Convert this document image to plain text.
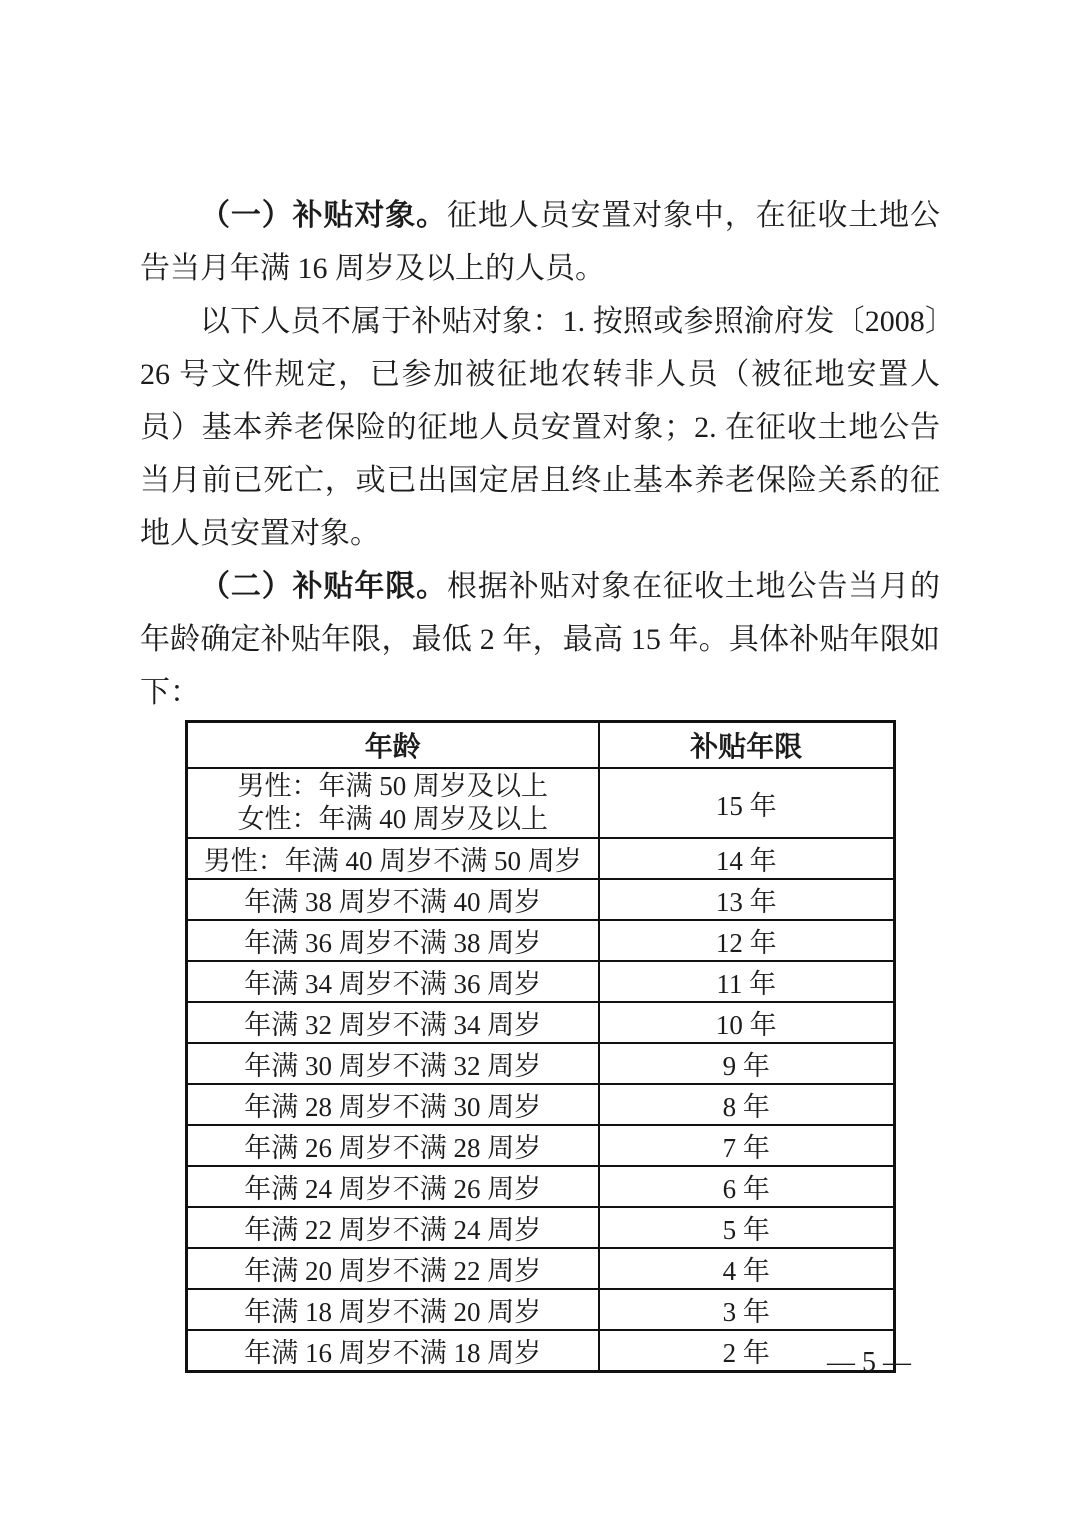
（一）补贴对象。征地人员安置对象中，在征收土地公告当月年满 16 周岁及以上的人员。

以下人员不属于补贴对象：1. 按照或参照渝府发〔2008〕26 号文件规定，已参加被征地农转非人员（被征地安置人员）基本养老保险的征地人员安置对象；2. 在征收土地公告当月前已死亡，或已出国定居且终止基本养老保险关系的征地人员安置对象。

（二）补贴年限。根据补贴对象在征收土地公告当月的年龄确定补贴年限，最低 2 年，最高 15 年。具体补贴年限如下：

年龄	补贴年限

男性：年满 50 周岁及以上
女性：年满 40 周岁及以上	15 年
男性：年满 40 周岁不满 50 周岁	14 年
年满 38 周岁不满 40 周岁	13 年
年满 36 周岁不满 38 周岁	12 年
年满 34 周岁不满 36 周岁	11 年
年满 32 周岁不满 34 周岁	10 年
年满 30 周岁不满 32 周岁	9 年
年满 28 周岁不满 30 周岁	8 年
年满 26 周岁不满 28 周岁	7 年
年满 24 周岁不满 26 周岁	6 年
年满 22 周岁不满 24 周岁	5 年
年满 20 周岁不满 22 周岁	4 年
年满 18 周岁不满 20 周岁	3 年
年满 16 周岁不满 18 周岁	2 年 — 5 —
